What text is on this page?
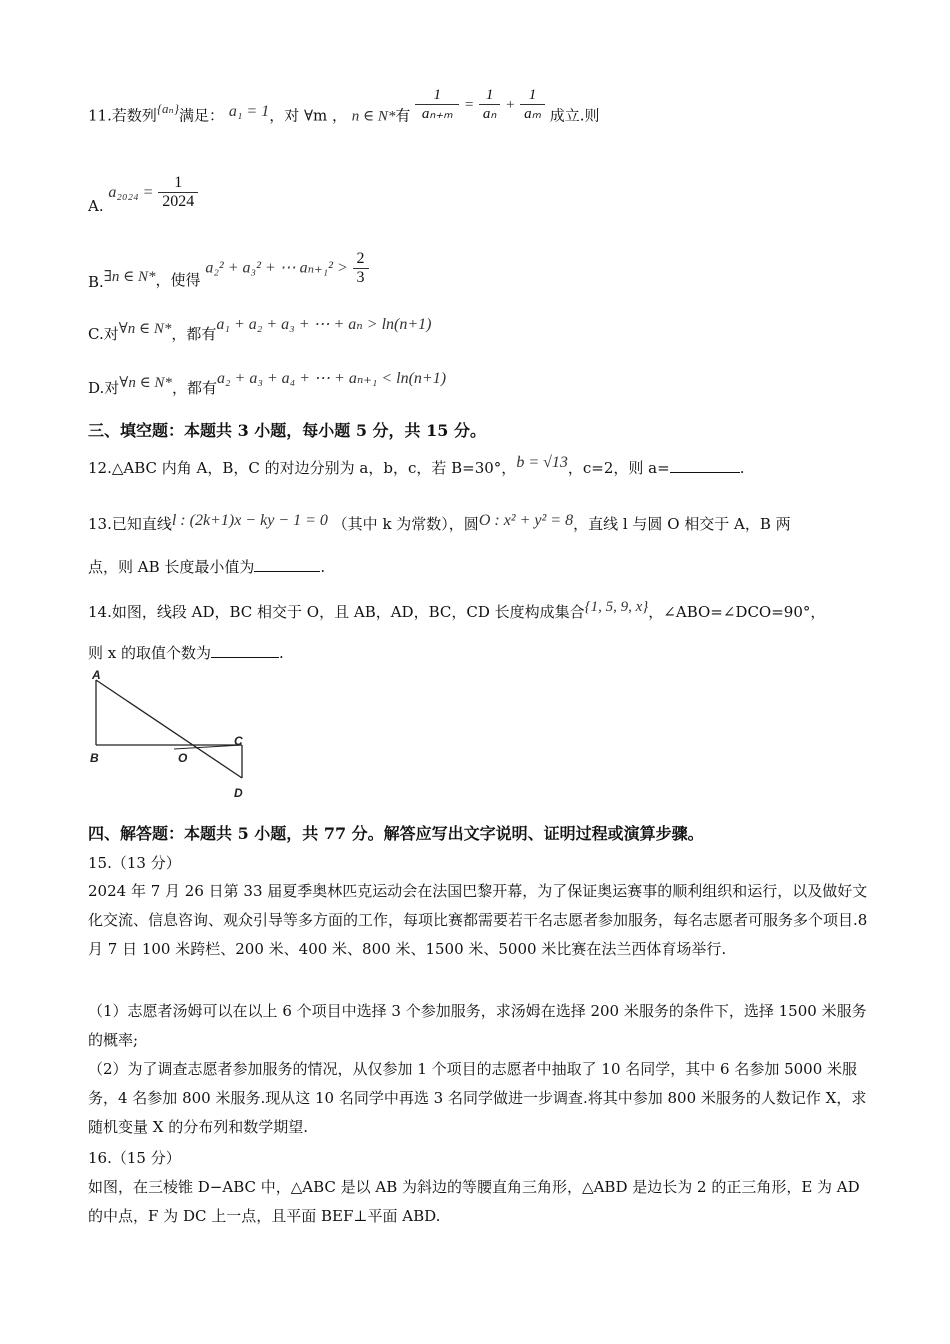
11.若数列{aₙ}满足： a₁ = 1，对 ∀m ， n ∈ N*有 $\frac{1}{\text{aₙ₊ₘ}} = \frac{1}{\text{aₙ}} + \frac{1}{\text{aₘ}}$ 成立.则
A. $a_{2024} = \frac{1}{2024}$
B.∃n ∈ N*，使得 a₂² + a₃² + ⋯ $a_{n+1}^2 > \frac{2}{3}$
C.对∀n ∈ N*，都有a₁ + a₂ + a₃ + ⋯ + aₙ > ln(n+1)
D.对∀n ∈ N*，都有a₂ + a₃ + a₄ + ⋯ + aₙ₊₁ < ln(n+1)
三、填空题：本题共 3 小题，每小题 5 分，共 15 分。
12.△ABC 内角 A，B，C 的对边分别为 a，b，c，若 B=30°，b = √13，c=2，则 a=	.
13.已知直线l : (2k+1)x − ky − 1 = 0 （其中 k 为常数），圆O : x² + y² = 8，直线 l 与圆 O 相交于 A，B 两
点，则 AB 长度最小值为	.
14.如图，线段 AD，BC 相交于 O，且 AB，AD，BC，CD 长度构成集合{1, 5, 9, x}，∠ABO=∠DCO=90°，
则 x 的取值个数为	.
A
B	O
C
D
四、解答题：本题共 5 小题，共 77 分。解答应写出文字说明、证明过程或演算步骤。
15.（13 分）
2024 年 7 月 26 日第 33 届夏季奥林匹克运动会在法国巴黎开幕，为了保证奥运赛事的顺利组织和运行，以及做好文化交流、信息咨询、观众引导等多方面的工作，每项比赛都需要若干名志愿者参加服务，每名志愿者可服务多个项目.8 月 7 日 100 米跨栏、200 米、400 米、800 米、1500 米、5000 米比赛在法兰西体育场举行.
（1）志愿者汤姆可以在以上 6 个项目中选择 3 个参加服务，求汤姆在选择 200 米服务的条件下，选择 1500 米服务的概率;
（2）为了调查志愿者参加服务的情况，从仅参加 1 个项目的志愿者中抽取了 10 名同学，其中 6 名参加 5000 米服务，4 名参加 800 米服务.现从这 10 名同学中再选 3 名同学做进一步调查.将其中参加 800 米服务的人数记作 X，求随机变量 X 的分布列和数学期望.
16.（15 分）
如图，在三棱锥 D−ABC 中，△ABC 是以 AB 为斜边的等腰直角三角形，△ABD 是边长为 2 的正三角形，E 为 AD 的中点，F 为 DC 上一点，且平面 BEF⊥平面 ABD.
